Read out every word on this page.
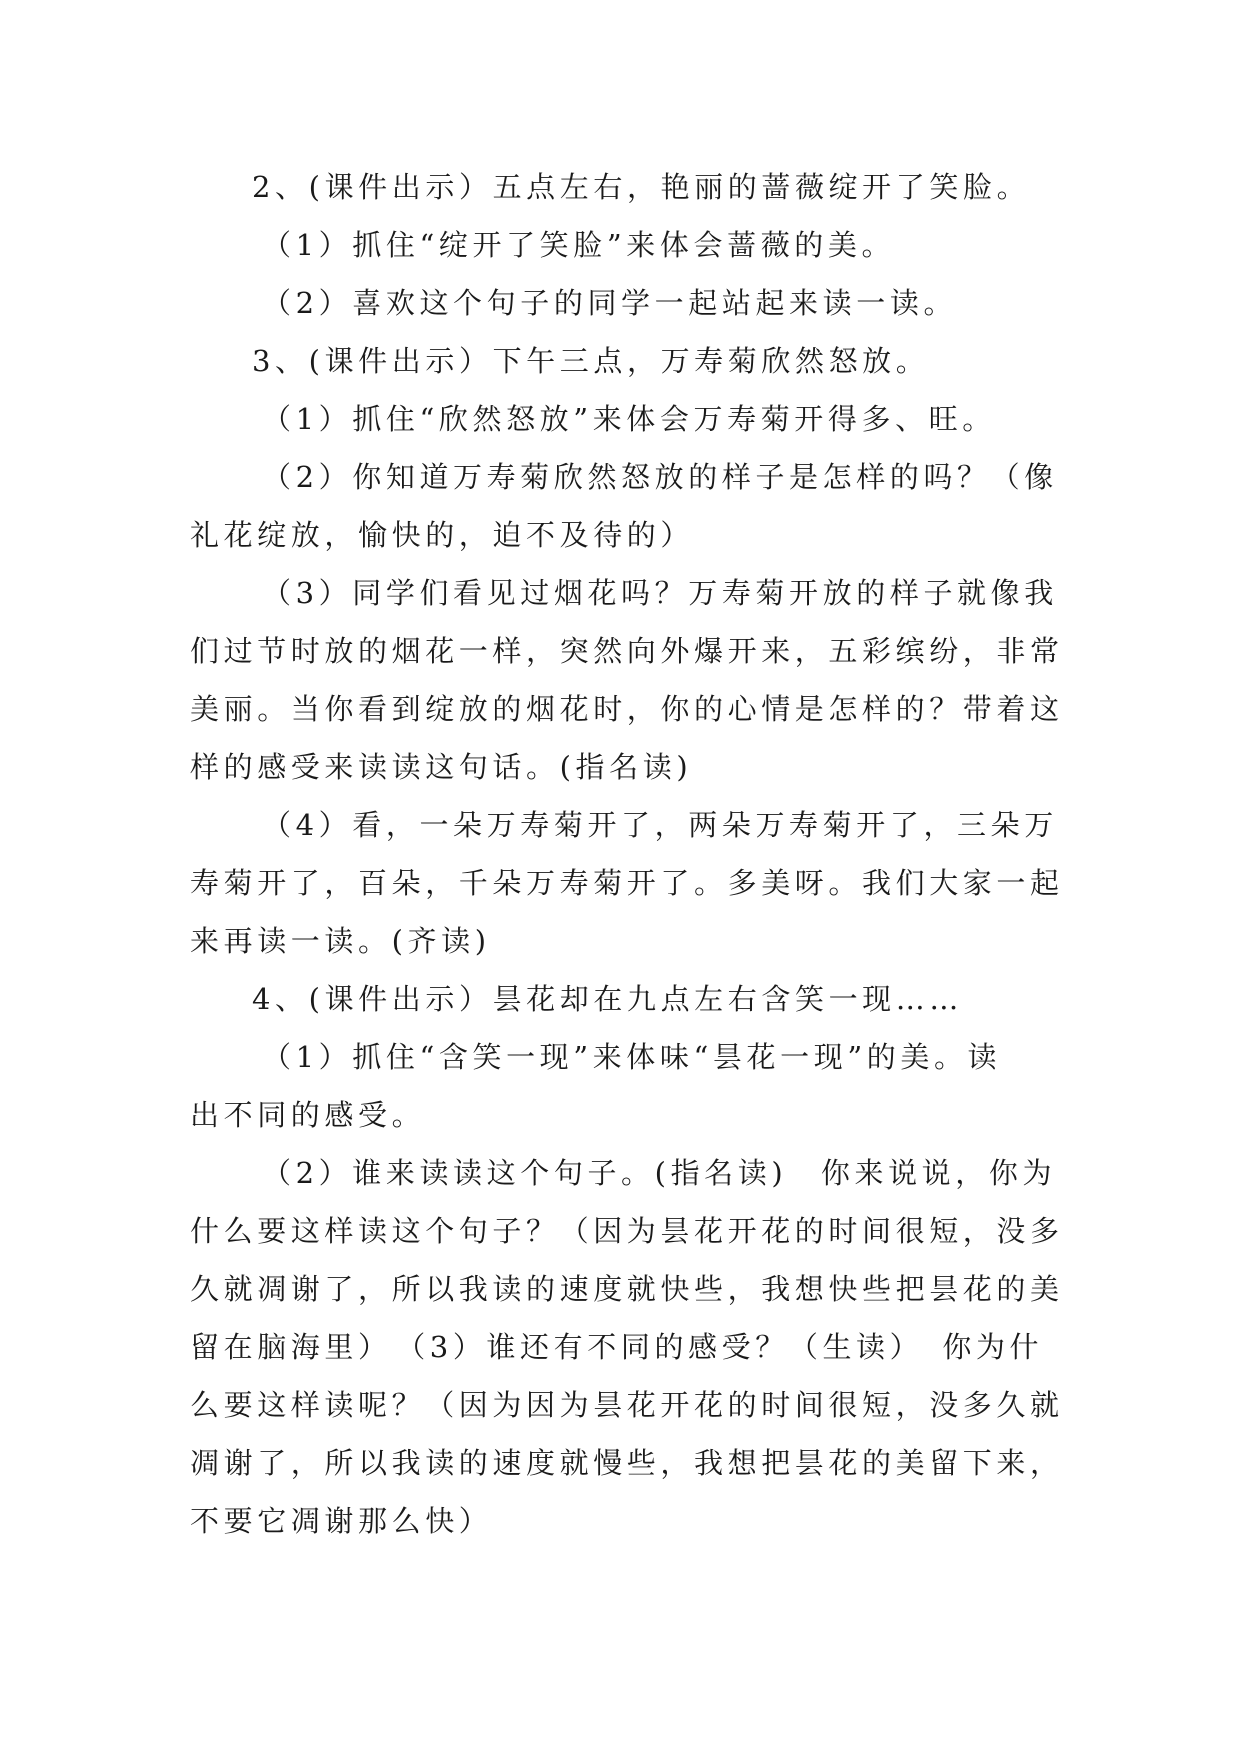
2、(课件出示）五点左右，艳丽的蔷薇绽开了笑脸。
（1）抓住“绽开了笑脸”来体会蔷薇的美。
（2）喜欢这个句子的同学一起站起来读一读。
3、(课件出示）下午三点，万寿菊欣然怒放。
（1）抓住“欣然怒放”来体会万寿菊开得多、旺。
（2）你知道万寿菊欣然怒放的样子是怎样的吗？（像
礼花绽放，愉快的，迫不及待的）
（3）同学们看见过烟花吗？万寿菊开放的样子就像我
们过节时放的烟花一样，突然向外爆开来，五彩缤纷，非常
美丽。当你看到绽放的烟花时，你的心情是怎样的？带着这
样的感受来读读这句话。(指名读)
（4）看，一朵万寿菊开了，两朵万寿菊开了，三朵万
寿菊开了，百朵，千朵万寿菊开了。多美呀。我们大家一起
来再读一读。(齐读)
4、(课件出示）昙花却在九点左右含笑一现……
（1）抓住“含笑一现”来体味“昙花一现”的美。读
出不同的感受。
（2）谁来读读这个句子。(指名读)　你来说说，你为
什么要这样读这个句子？（因为昙花开花的时间很短，没多
久就凋谢了，所以我读的速度就快些，我想快些把昙花的美
留在脑海里）　（3）谁还有不同的感受？（生读）　你为什
么要这样读呢？（因为因为昙花开花的时间很短，没多久就
凋谢了，所以我读的速度就慢些，我想把昙花的美留下来，
不要它凋谢那么快）
